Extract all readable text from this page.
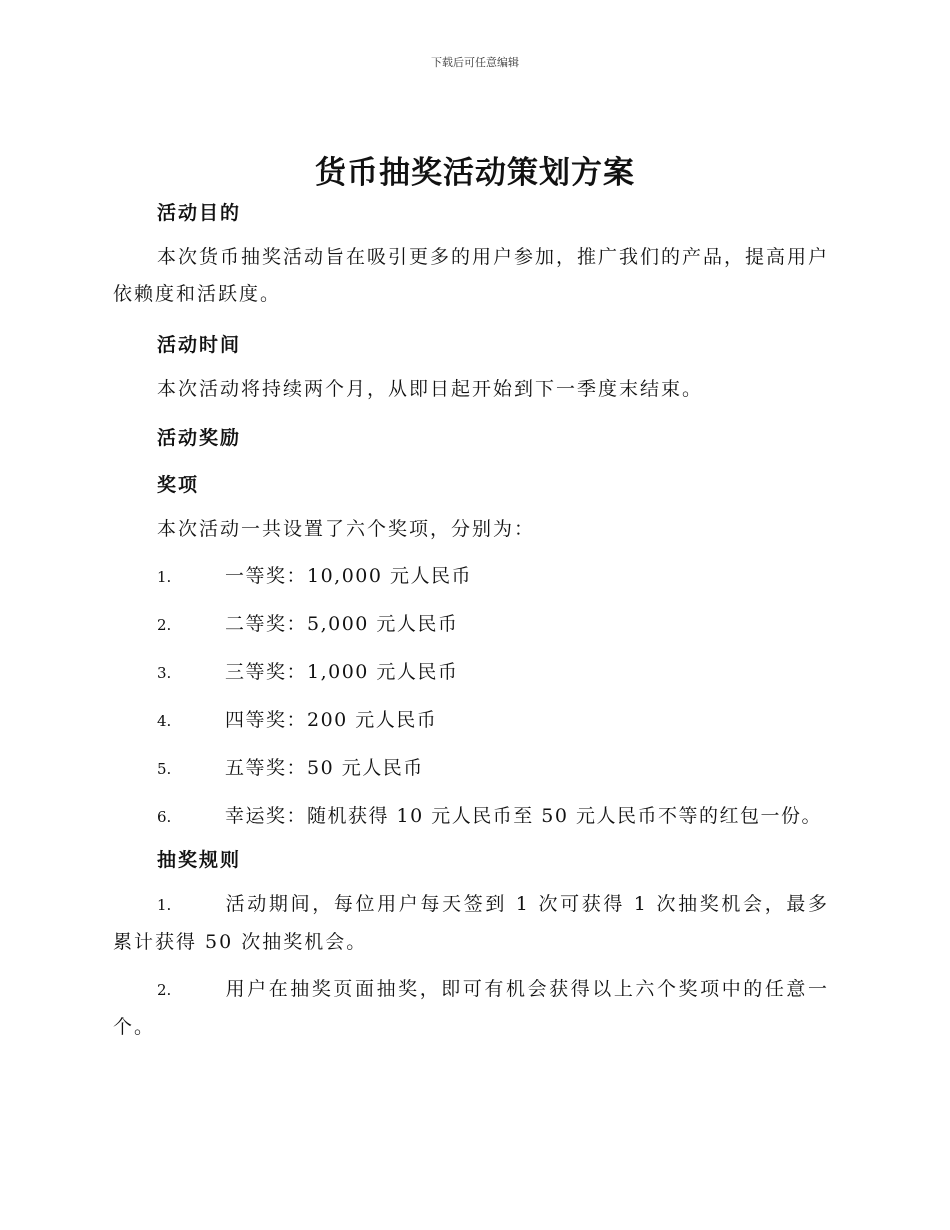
下载后可任意编辑
货币抽奖活动策划方案
活动目的
本次货币抽奖活动旨在吸引更多的用户参加，推广我们的产品，提高用户依赖度和活跃度。
活动时间
本次活动将持续两个月，从即日起开始到下一季度末结束。
活动奖励
奖项
本次活动一共设置了六个奖项，分别为：
1.	一等奖：10,000 元人民币
2.	二等奖：5,000 元人民币
3.	三等奖：1,000 元人民币
4.	四等奖：200 元人民币
5.	五等奖：50 元人民币
6.	幸运奖：随机获得 10 元人民币至 50 元人民币不等的红包一份。
抽奖规则
1.	活动期间，每位用户每天签到 1 次可获得 1 次抽奖机会，最多累计获得 50 次抽奖机会。
2.	用户在抽奖页面抽奖，即可有机会获得以上六个奖项中的任意一个。
